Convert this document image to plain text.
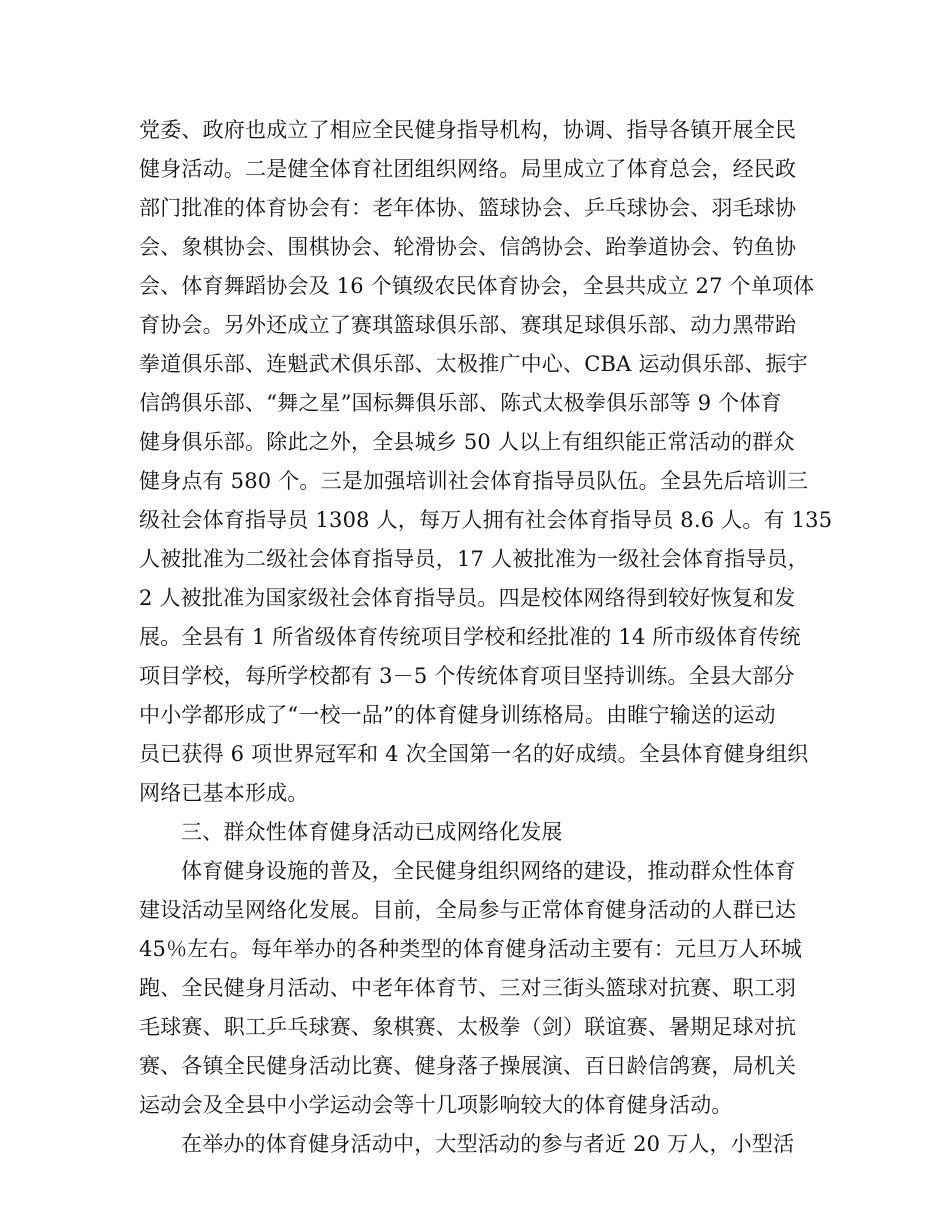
党委、政府也成立了相应全民健身指导机构，协调、指导各镇开展全民
健身活动。二是健全体育社团组织网络。局里成立了体育总会，经民政
部门批准的体育协会有：老年体协、篮球协会、乒乓球协会、羽毛球协
会、象棋协会、围棋协会、轮滑协会、信鸽协会、跆拳道协会、钓鱼协
会、体育舞蹈协会及 16 个镇级农民体育协会，全县共成立 27 个单项体
育协会。另外还成立了赛琪篮球俱乐部、赛琪足球俱乐部、动力黑带跆
拳道俱乐部、连魁武术俱乐部、太极推广中心、CBA 运动俱乐部、振宇
信鸽俱乐部、“舞之星”国标舞俱乐部、陈式太极拳俱乐部等 9 个体育
健身俱乐部。除此之外，全县城乡 50 人以上有组织能正常活动的群众
健身点有 580 个。三是加强培训社会体育指导员队伍。全县先后培训三
级社会体育指导员 1308 人，每万人拥有社会体育指导员 8.6 人。有 135
人被批准为二级社会体育指导员，17 人被批准为一级社会体育指导员，
2 人被批准为国家级社会体育指导员。四是校体网络得到较好恢复和发
展。全县有 1 所省级体育传统项目学校和经批准的 14 所市级体育传统
项目学校，每所学校都有 3－5 个传统体育项目坚持训练。全县大部分
中小学都形成了“一校一品”的体育健身训练格局。由睢宁输送的运动
员已获得 6 项世界冠军和 4 次全国第一名的好成绩。全县体育健身组织
网络已基本形成。
三、群众性体育健身活动已成网络化发展
体育健身设施的普及，全民健身组织网络的建设，推动群众性体育
建设活动呈网络化发展。目前，全局参与正常体育健身活动的人群已达
45％左右。每年举办的各种类型的体育健身活动主要有：元旦万人环城
跑、全民健身月活动、中老年体育节、三对三街头篮球对抗赛、职工羽
毛球赛、职工乒乓球赛、象棋赛、太极拳（剑）联谊赛、暑期足球对抗
赛、各镇全民健身活动比赛、健身落子操展演、百日龄信鸽赛，局机关
运动会及全县中小学运动会等十几项影响较大的体育健身活动。
在举办的体育健身活动中，大型活动的参与者近 20 万人，小型活
